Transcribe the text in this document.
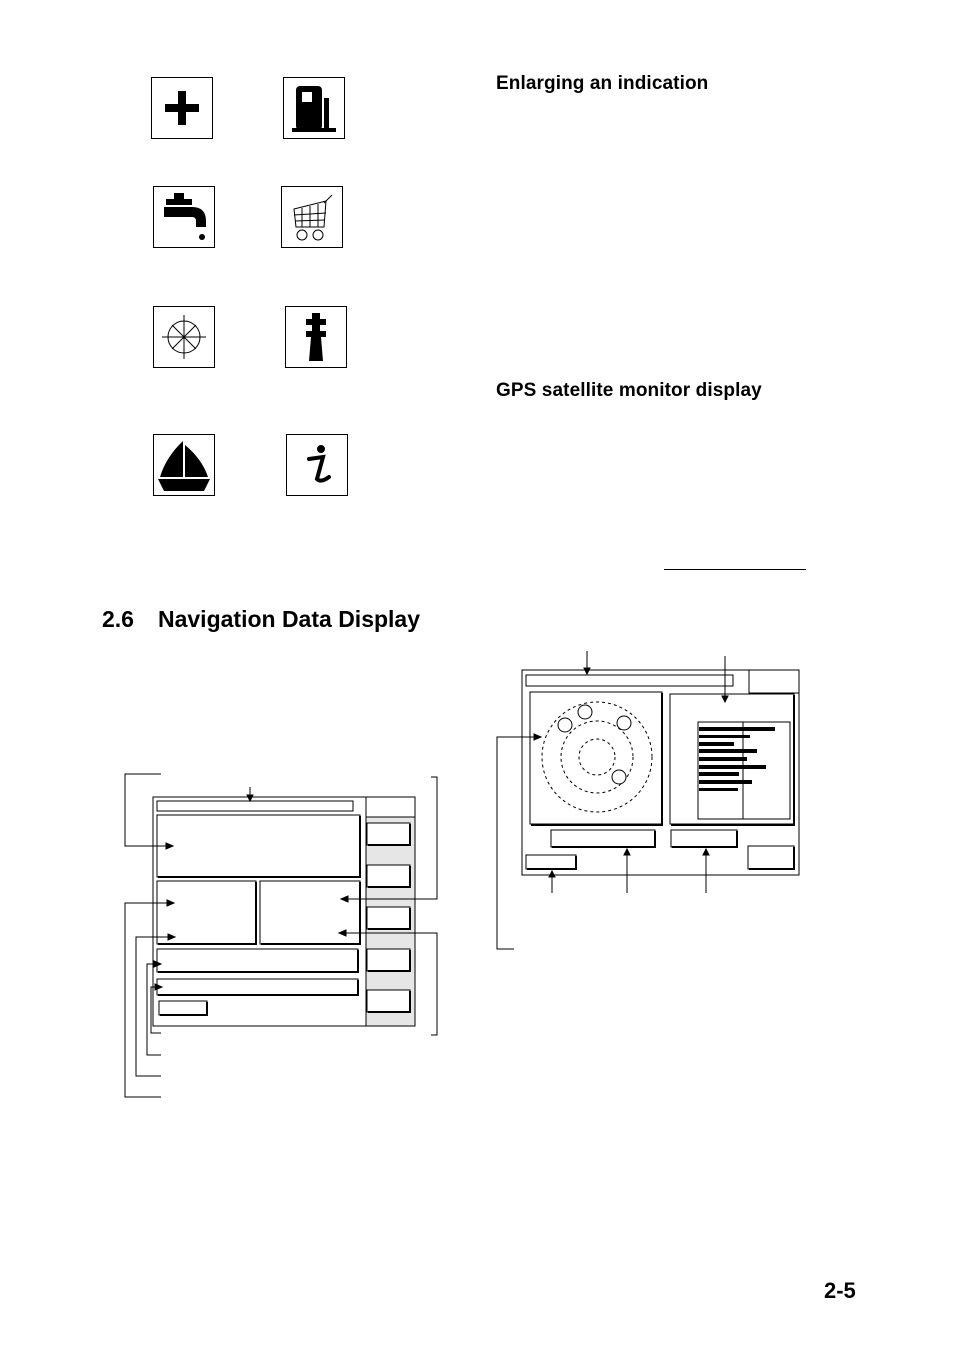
Enlarging an indication
GPS satellite monitor display
2.6 Navigation Data Display
2-5
